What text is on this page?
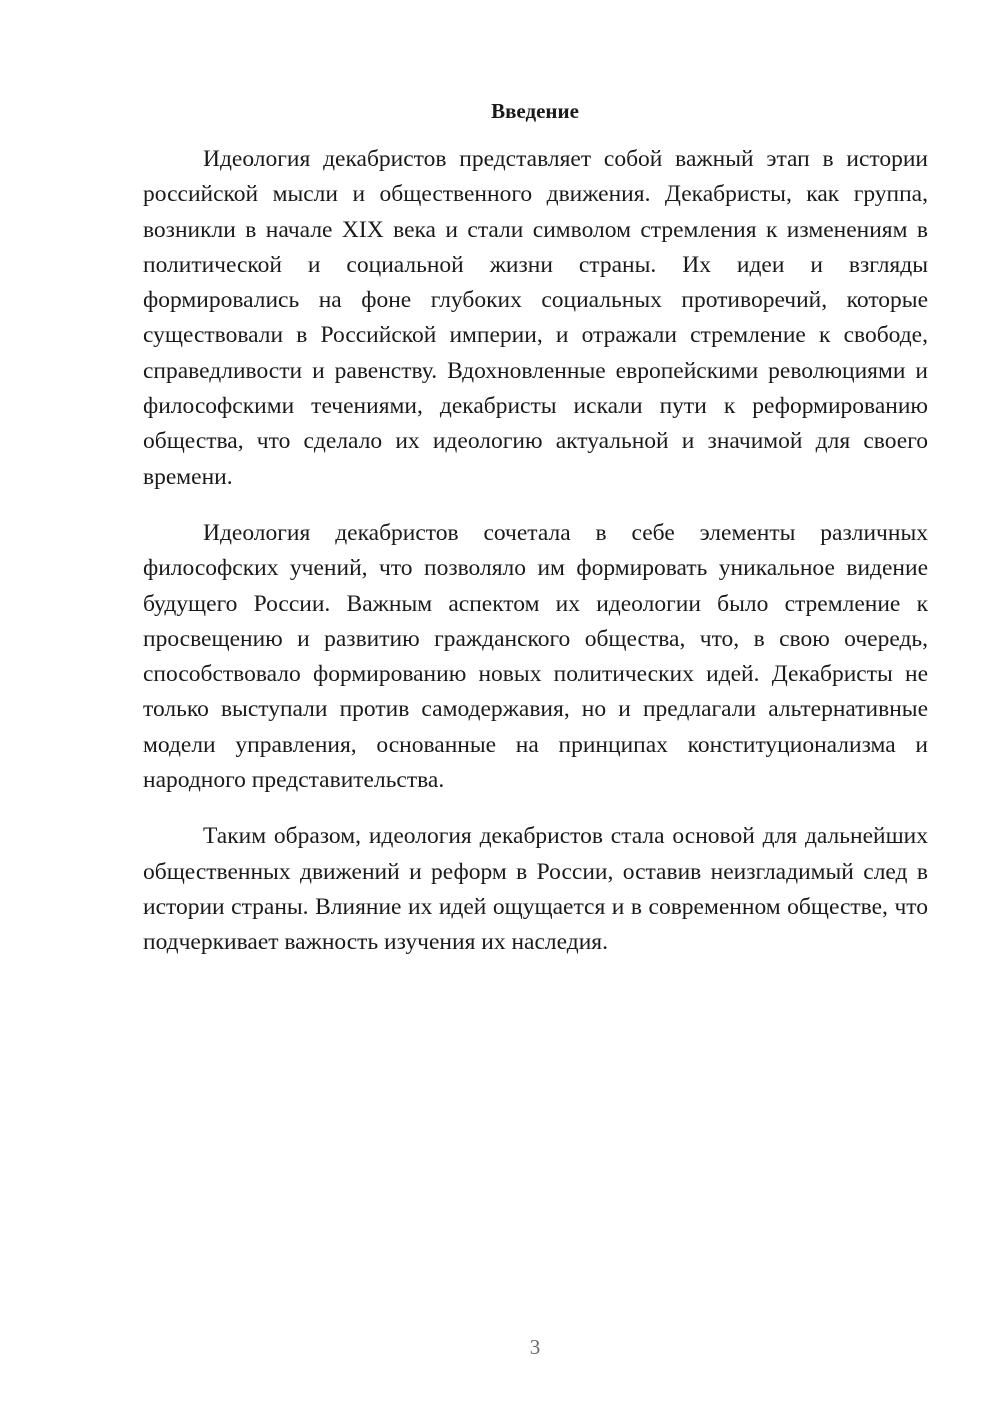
Введение

Идеология декабристов представляет собой важный этап в истории российской мысли и общественного движения. Декабристы, как группа, возникли в начале XIX века и стали символом стремления к изменениям в политической и социальной жизни страны. Их идеи и взгляды формировались на фоне глубоких социальных противоречий, которые существовали в Российской империи, и отражали стремление к свободе, справедливости и равенству. Вдохновленные европейскими революциями и философскими течениями, декабристы искали пути к реформированию общества, что сделало их идеологию актуальной и значимой для своего времени.

Идеология декабристов сочетала в себе элементы различных философских учений, что позволяло им формировать уникальное видение будущего России. Важным аспектом их идеологии было стремление к просвещению и развитию гражданского общества, что, в свою очередь, способствовало формированию новых политических идей. Декабристы не только выступали против самодержавия, но и предлагали альтернативные модели управления, основанные на принципах конституционализма и народного представительства.

Таким образом, идеология декабристов стала основой для дальнейших общественных движений и реформ в России, оставив неизгладимый след в истории страны. Влияние их идей ощущается и в современном обществе, что подчеркивает важность изучения их наследия.

3
